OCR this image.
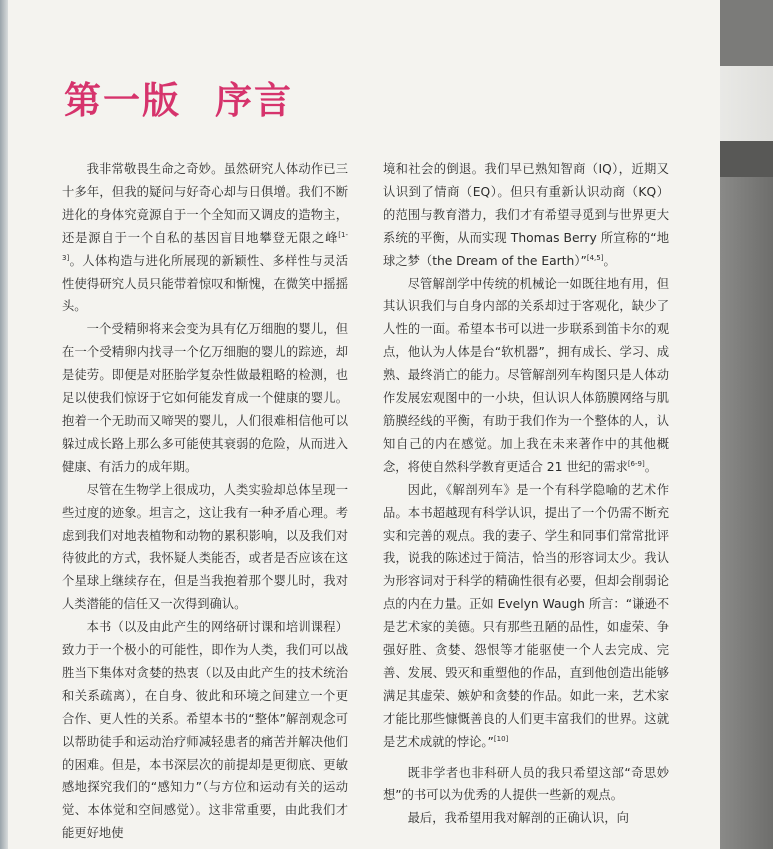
第一版 序言

我非常敬畏生命之奇妙。虽然研究人体动作已三十多年，但我的疑问与好奇心却与日俱增。我们不断进化的身体究竟源自于一个全知而又调皮的造物主，还是源自于一个自私的基因盲目地攀登无限之峰[1-3]。人体构造与进化所展现的新颖性、多样性与灵活性使得研究人员只能带着惊叹和惭愧，在微笑中摇摇头。

一个受精卵将来会变为具有亿万细胞的婴儿，但在一个受精卵内找寻一个亿万细胞的婴儿的踪迹，却是徒劳。即便是对胚胎学复杂性做最粗略的检测，也足以使我们惊讶于它如何能发育成一个健康的婴儿。抱着一个无助而又啼哭的婴儿，人们很难相信他可以躲过成长路上那么多可能使其衰弱的危险，从而进入健康、有活力的成年期。

尽管在生物学上很成功，人类实验却总体呈现一些过度的迹象。坦言之，这让我有一种矛盾心理。考虑到我们对地表植物和动物的累积影响，以及我们对待彼此的方式，我怀疑人类能否，或者是否应该在这个星球上继续存在，但是当我抱着那个婴儿时，我对人类潜能的信任又一次得到确认。

本书（以及由此产生的网络研讨课和培训课程）致力于一个极小的可能性，即作为人类，我们可以战胜当下集体对贪婪的热衷（以及由此产生的技术统治和关系疏离），在自身、彼此和环境之间建立一个更合作、更人性的关系。希望本书的“整体”解剖观念可以帮助徒手和运动治疗师减轻患者的痛苦并解决他们的困难。但是，本书深层次的前提却是更彻底、更敏感地探究我们的“感知力”（与方位和运动有关的运动觉、本体觉和空间感觉）。这非常重要，由此我们才能更好地使

境和社会的倒退。我们早已熟知智商（IQ），近期又认识到了情商（EQ）。但只有重新认识动商（KQ）的范围与教育潜力，我们才有希望寻觅到与世界更大系统的平衡，从而实现 Thomas Berry 所宣称的“地球之梦（the Dream of the Earth）”[4,5]。

尽管解剖学中传统的机械论一如既往地有用，但其认识我们与自身内部的关系却过于客观化，缺少了人性的一面。希望本书可以进一步联系到笛卡尔的观点，他认为人体是台“软机器”，拥有成长、学习、成熟、最终消亡的能力。尽管解剖列车构图只是人体动作发展宏观图中的一小块，但认识人体筋膜网络与肌筋膜经线的平衡，有助于我们作为一个整体的人，认知自己的内在感觉。加上我在未来著作中的其他概念，将使自然科学教育更适合 21 世纪的需求[6-9]。

因此，《解剖列车》是一个有科学隐喻的艺术作品。本书超越现有科学认识，提出了一个仍需不断充实和完善的观点。我的妻子、学生和同事们常常批评我，说我的陈述过于简洁，恰当的形容词太少。我认为形容词对于科学的精确性很有必要，但却会削弱论点的内在力量。正如 Evelyn Waugh 所言：“谦逊不是艺术家的美德。只有那些丑陋的品性，如虚荣、争强好胜、贪婪、怨恨等才能驱使一个人去完成、完善、发展、毁灭和重塑他的作品，直到他创造出能够满足其虚荣、嫉妒和贪婪的作品。如此一来，艺术家才能比那些慷慨善良的人们更丰富我们的世界。这就是艺术成就的悖论。”[10]

既非学者也非科研人员的我只希望这部“奇思妙想”的书可以为优秀的人提供一些新的观点。

最后，我希望用我对解剖的正确认识，向
